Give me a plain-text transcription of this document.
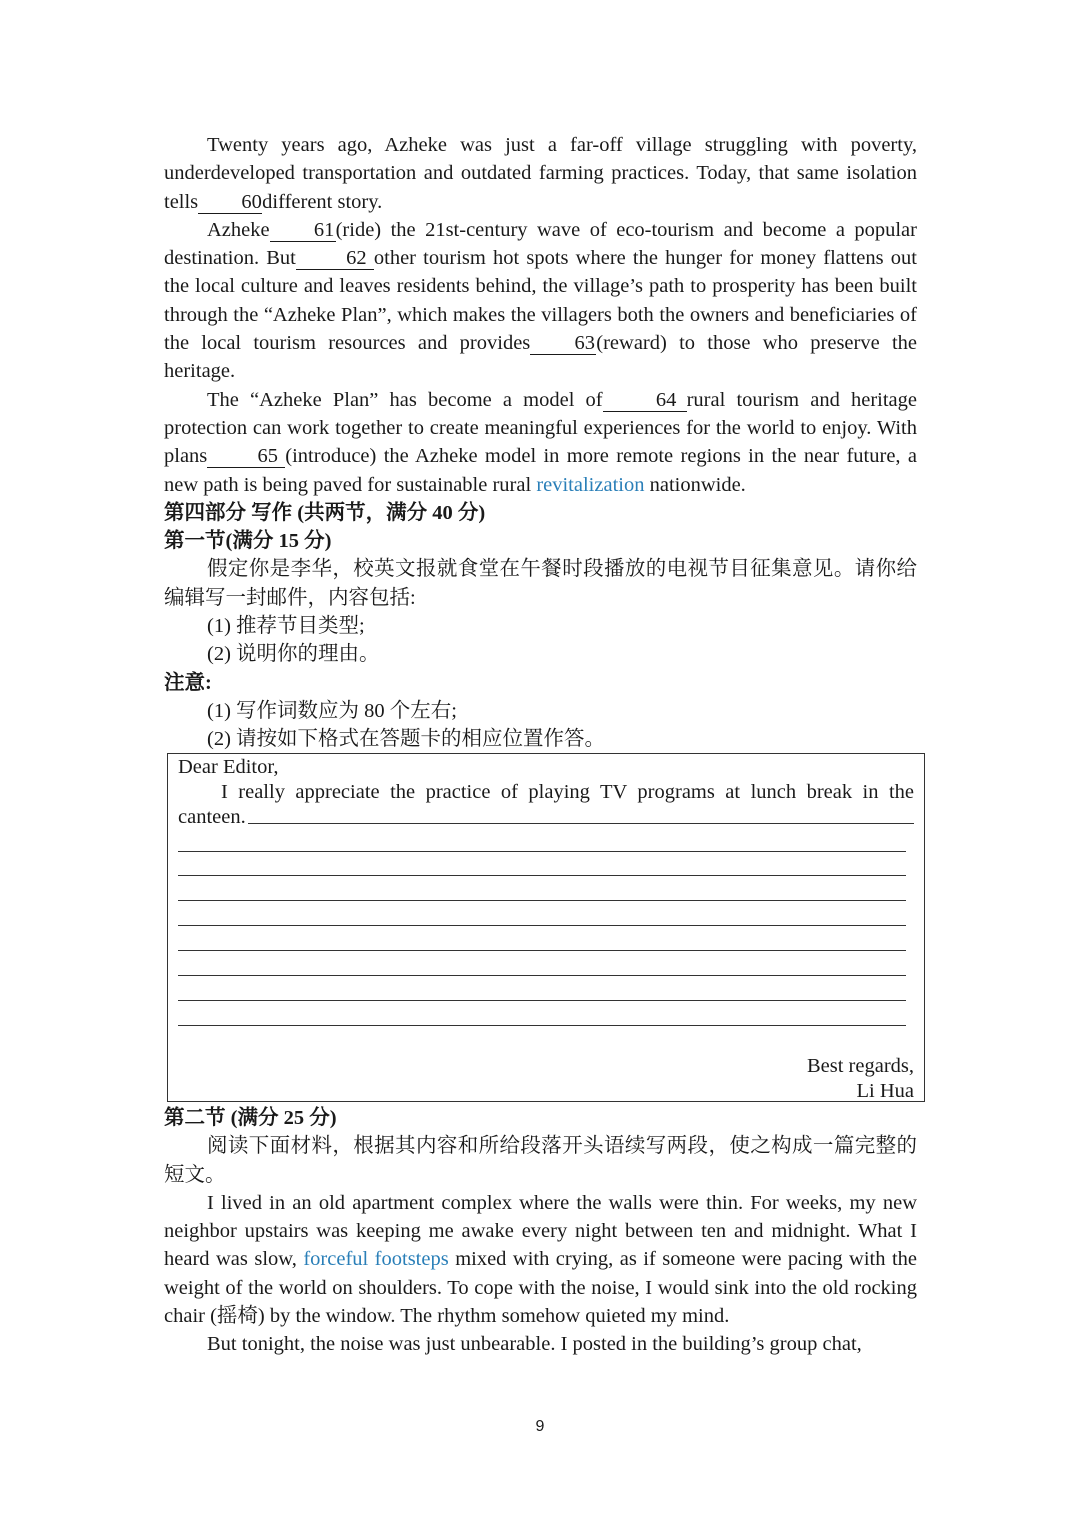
Twenty years ago, Azheke was just a far-off village struggling with poverty, underdeveloped transportation and outdated farming practices. Today, that same isolation tells 60different story.

Azheke 61(ride) the 21st-century wave of eco-tourism and become a popular destination. But 62 other tourism hot spots where the hunger for money flattens out the local culture and leaves residents behind, the village’s path to prosperity has been built through the “Azheke Plan”, which makes the villagers both the owners and beneficiaries of the local tourism resources and provides 63(reward) to those who preserve the heritage.

The “Azheke Plan” has become a model of	64 rural tourism and heritage protection can work together to create meaningful experiences for the world to enjoy. With plans 65 (introduce) the Azheke model in more remote regions in the near future, a new path is being paved for sustainable rural revitalization nationwide.

第四部分 写作 (共两节，满分 40 分)

第一节(满分 15 分)

假定你是李华，校英文报就食堂在午餐时段播放的电视节目征集意见。请你给编辑写一封邮件，内容包括:

(1) 推荐节目类型;

(2) 说明你的理由。

注意:

(1) 写作词数应为 80 个左右;

(2) 请按如下格式在答题卡的相应位置作答。

Dear Editor,
I really appreciate the practice of playing TV programs at lunch break in the canteen.
Best regards,
Li Hua

第二节 (满分 25 分)

阅读下面材料，根据其内容和所给段落开头语续写两段，使之构成一篇完整的短文。

I lived in an old apartment complex where the walls were thin. For weeks, my new neighbor upstairs was keeping me awake every night between ten and midnight. What I heard was slow, forceful footsteps mixed with crying, as if someone were pacing with the weight of the world on shoulders. To cope with the noise, I would sink into the old rocking chair (摇椅) by the window. The rhythm somehow quieted my mind.

But tonight, the noise was just unbearable. I posted in the building’s group chat,

9
